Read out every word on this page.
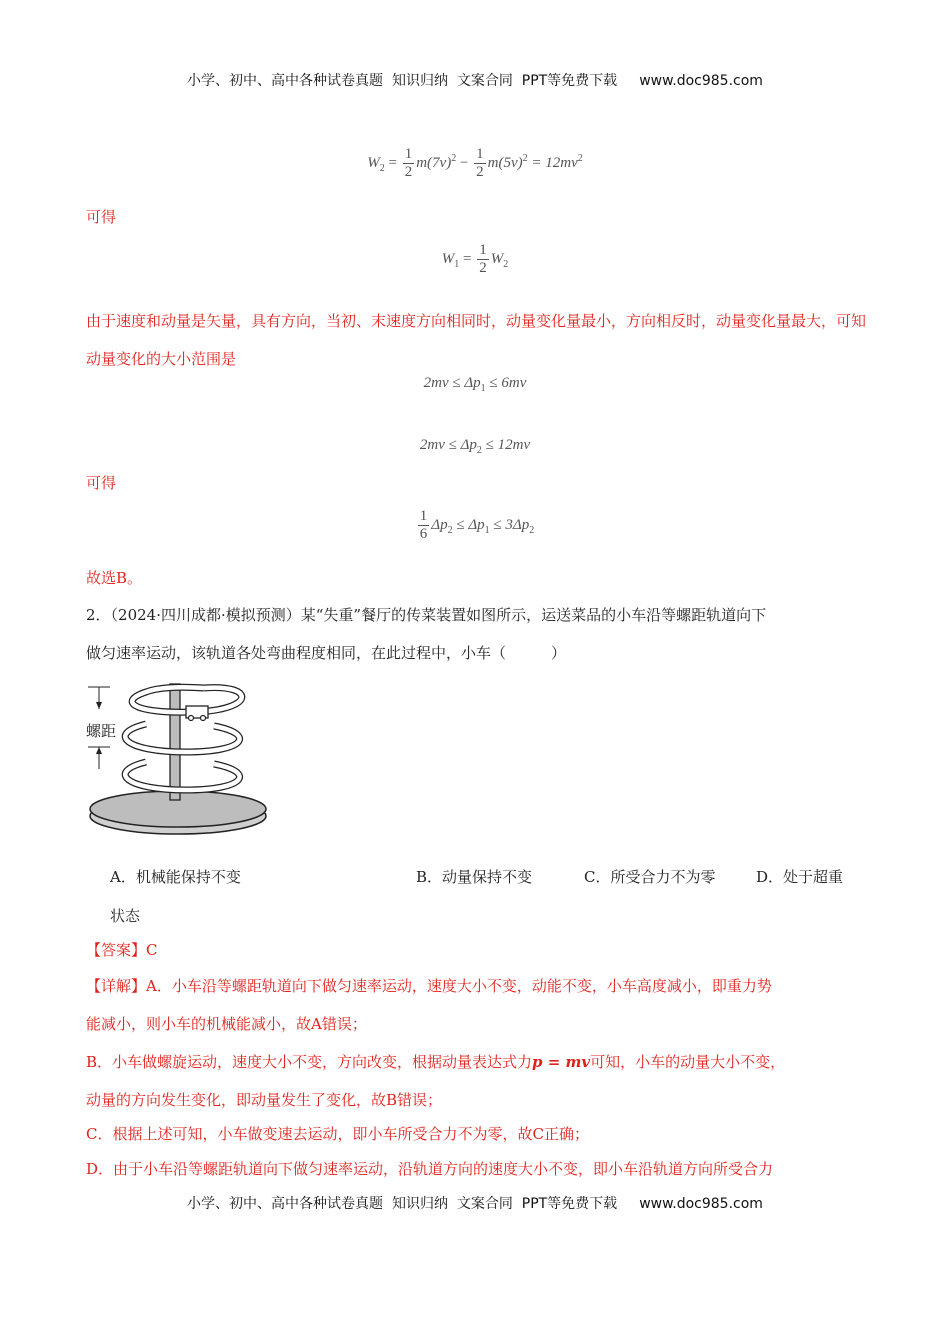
小学、初中、高中各种试卷真题  知识归纳  文案合同  PPT等免费下载 www.doc985.com
$W_2 = \frac{1}{2} m(7v)^2 - \frac{1}{2} m(5v)^2 = 12mv^2$
可得
$W_1 = \frac{1}{2} W_2$
由于速度和动量是矢量，具有方向，当初、末速度方向相同时，动量变化量最小，方向相反时，动量变化量最大，可知动量变化的大小范围是
$2mv \le \Delta p_1 \le 6mv$
$2mv \le \Delta p_2 \le 12mv$
可得
$\frac{1}{6} \Delta p_2 \le \Delta p_1 \le 3\Delta p_2$
故选B。
2．（2024·四川成都·模拟预测）某“失重”餐厅的传菜装置如图所示，运送菜品的小车沿等螺距轨道向下
做匀速率运动，该轨道各处弯曲程度相同，在此过程中，小车（　　　）
螺距
A．机械能保持不变	B．动量保持不变	C．所受合力不为零	D．处于超重
状态
【答案】C
【详解】A．小车沿等螺距轨道向下做匀速率运动，速度大小不变，动能不变，小车高度减小，即重力势
能减小，则小车的机械能减小，故A错误；
B．小车做螺旋运动，速度大小不变，方向改变，根据动量表达式力p = mv可知，小车的动量大小不变，
动量的方向发生变化，即动量发生了变化，故B错误；
C．根据上述可知，小车做变速去运动，即小车所受合力不为零，故C正确；
D．由于小车沿等螺距轨道向下做匀速率运动，沿轨道方向的速度大小不变，即小车沿轨道方向所受合力
小学、初中、高中各种试卷真题  知识归纳  文案合同  PPT等免费下载 www.doc985.com
